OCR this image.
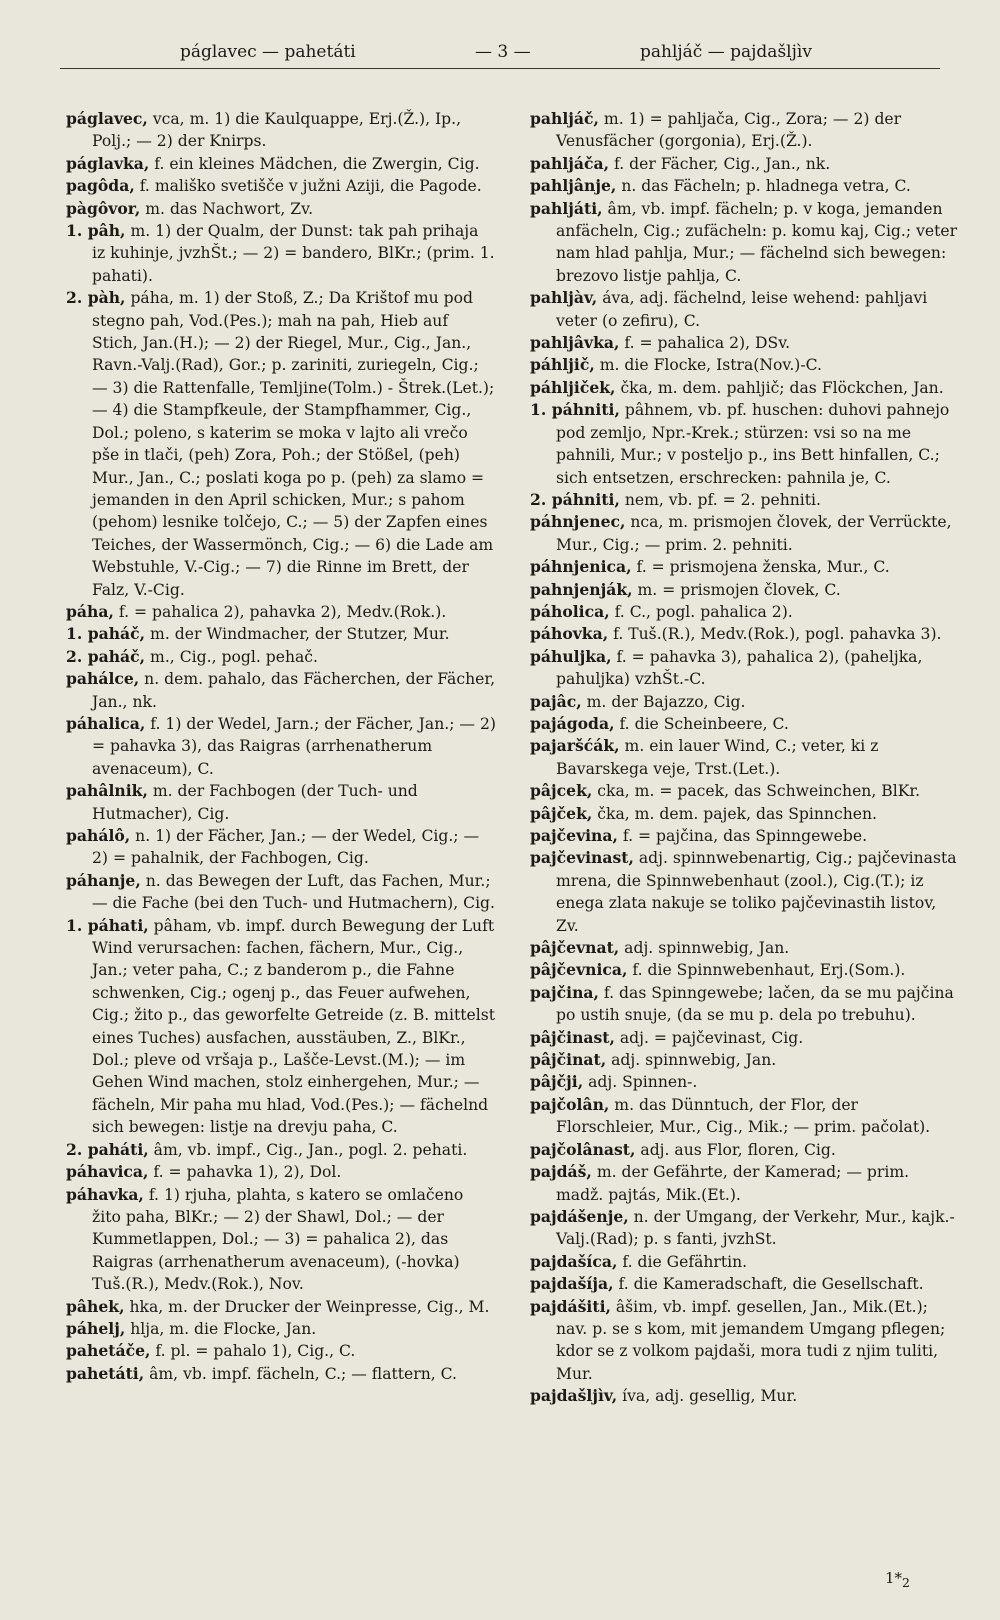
páglavec — pahetáti	— 3 —	pahljáč — pajdašljìv

páglavec, vca, m. 1) die Kaulquappe, Erj.(Ž.), Ip., Polj.; — 2) der Knirps.

páglavka, f. ein kleines Mädchen, die Zwergin, Cig.

pagôda, f. mališko svetišče v južni Aziji, die Pagode.

pàgôvor, m. das Nachwort, Zv.

1. pâh, m. 1) der Qualm, der Dunst: tak pah prihaja iz kuhinje, jvzhŠt.; — 2) = bandero, BlKr.; (prim. 1. pahati).

2. pàh, páha, m. 1) der Stoß, Z.; Da Krištof mu pod stegno pah, Vod.(Pes.); mah na pah, Hieb auf Stich, Jan.(H.); — 2) der Riegel, Mur., Cig., Jan., Ravn.-Valj.(Rad), Gor.; p. zariniti, zuriegeln, Cig.; — 3) die Rattenfalle, Temljine(Tolm.) - Štrek.(Let.); — 4) die Stampfkeule, der Stampfhammer, Cig., Dol.; poleno, s katerim se moka v lajto ali vrečo pše in tlači, (peh) Zora, Poh.; der Stößel, (peh) Mur., Jan., C.; poslati koga po p. (peh) za slamo = jemanden in den April schicken, Mur.; s pahom (pehom) lesnike tolčejo, C.; — 5) der Zapfen eines Teiches, der Wassermönch, Cig.; — 6) die Lade am Webstuhle, V.-Cig.; — 7) die Rinne im Brett, der Falz, V.-Cig.

páha, f. = pahalica 2), pahavka 2), Medv.(Rok.).

1. paháč, m. der Windmacher, der Stutzer, Mur.

2. paháč, m., Cig., pogl. pehač.

pahálce, n. dem. pahalo, das Fächerchen, der Fächer, Jan., nk.

páhalica, f. 1) der Wedel, Jarn.; der Fächer, Jan.; — 2) = pahavka 3), das Raigras (arrhenatherum avenaceum), C.

pahâlnik, m. der Fachbogen (der Tuch- und Hutmacher), Cig.

pahálô, n. 1) der Fächer, Jan.; — der Wedel, Cig.; — 2) = pahalnik, der Fachbogen, Cig.

páhanje, n. das Bewegen der Luft, das Fachen, Mur.; — die Fache (bei den Tuch- und Hutmachern), Cig.

1. páhati, pâham, vb. impf. durch Bewegung der Luft Wind verursachen: fachen, fächern, Mur., Cig., Jan.; veter paha, C.; z banderom p., die Fahne schwenken, Cig.; ogenj p., das Feuer aufwehen, Cig.; žito p., das geworfelte Getreide (z. B. mittelst eines Tuches) ausfachen, ausstäuben, Z., BlKr., Dol.; pleve od vršaja p., Lašče-Levst.(M.); — im Gehen Wind machen, stolz einhergehen, Mur.; — fächeln, Mir paha mu hlad, Vod.(Pes.); — fächelnd sich bewegen: listje na drevju paha, C.

2. paháti, âm, vb. impf., Cig., Jan., pogl. 2. pehati.

páhavica, f. = pahavka 1), 2), Dol.

páhavka, f. 1) rjuha, plahta, s katero se omlačeno žito paha, BlKr.; — 2) der Shawl, Dol.; — der Kummetlappen, Dol.; — 3) = pahalica 2), das Raigras (arrhenatherum avenaceum), (-hovka) Tuš.(R.), Medv.(Rok.), Nov.

pâhek, hka, m. der Drucker der Weinpresse, Cig., M.

páhelj, hlja, m. die Flocke, Jan.

pahetáče, f. pl. = pahalo 1), Cig., C.

pahetáti, âm, vb. impf. fächeln, C.; — flattern, C.

pahljáč, m. 1) = pahljača, Cig., Zora; — 2) der Venusfächer (gorgonia), Erj.(Ž.).

pahljáča, f. der Fächer, Cig., Jan., nk.

pahljânje, n. das Fächeln; p. hladnega vetra, C.

pahljáti, âm, vb. impf. fächeln; p. v koga, jemanden anfächeln, Cig.; zufächeln: p. komu kaj, Cig.; veter nam hlad pahlja, Mur.; — fächelnd sich bewegen: brezovo listje pahlja, C.

pahljàv, áva, adj. fächelnd, leise wehend: pahljavi veter (o zefiru), C.

pahljâvka, f. = pahalica 2), DSv.

páhljič, m. die Flocke, Istra(Nov.)-C.

páhljiček, čka, m. dem. pahljič; das Flöckchen, Jan.

1. páhniti, pâhnem, vb. pf. huschen: duhovi pahnejo pod zemljo, Npr.-Krek.; stürzen: vsi so na me pahnili, Mur.; v posteljo p., ins Bett hinfallen, C.; sich entsetzen, erschrecken: pahnila je, C.

2. páhniti, nem, vb. pf. = 2. pehniti.

páhnjenec, nca, m. prismojen človek, der Verrückte, Mur., Cig.; — prim. 2. pehniti.

páhnjenica, f. = prismojena ženska, Mur., C.

pahnjenják, m. = prismojen človek, C.

páholica, f. C., pogl. pahalica 2).

páhovka, f. Tuš.(R.), Medv.(Rok.), pogl. pahavka 3).

páhuljka, f. = pahavka 3), pahalica 2), (paheljka, pahuljka) vzhŠt.-C.

pajâc, m. der Bajazzo, Cig.

pajágoda, f. die Scheinbeere, C.

pajaršćák, m. ein lauer Wind, C.; veter, ki z Bavarskega veje, Trst.(Let.).

pâjcek, cka, m. = pacek, das Schweinchen, BlKr.

pâjček, čka, m. dem. pajek, das Spinnchen.

pajčevina, f. = pajčina, das Spinngewebe.

pajčevinast, adj. spinnwebenartig, Cig.; pajčevinasta mrena, die Spinnwebenhaut (zool.), Cig.(T.); iz enega zlata nakuje se toliko pajčevinastih listov, Zv.

pâjčevnat, adj. spinnwebig, Jan.

pâjčevnica, f. die Spinnwebenhaut, Erj.(Som.).

pajčina, f. das Spinngewebe; lačen, da se mu pajčina po ustih snuje, (da se mu p. dela po trebuhu).

pâjčinast, adj. = pajčevinast, Cig.

pâjčinat, adj. spinnwebig, Jan.

pâjčji, adj. Spinnen-.

pajčolân, m. das Dünntuch, der Flor, der Florschleier, Mur., Cig., Mik.; — prim. pačolat).

pajčolânast, adj. aus Flor, floren, Cig.

pajdáš, m. der Gefährte, der Kamerad; — prim. madž. pajtás, Mik.(Et.).

pajdášenje, n. der Umgang, der Verkehr, Mur., kajk.-Valj.(Rad); p. s fanti, jvzhSt.

pajdašíca, f. die Gefährtin.

pajdašíja, f. die Kameradschaft, die Gesellschaft.

pajdášiti, âšim, vb. impf. gesellen, Jan., Mik.(Et.); nav. p. se s kom, mit jemandem Umgang pflegen; kdor se z volkom pajdaši, mora tudi z njim tuliti, Mur.

pajdašljìv, íva, adj. gesellig, Mur.

$1*_2$
